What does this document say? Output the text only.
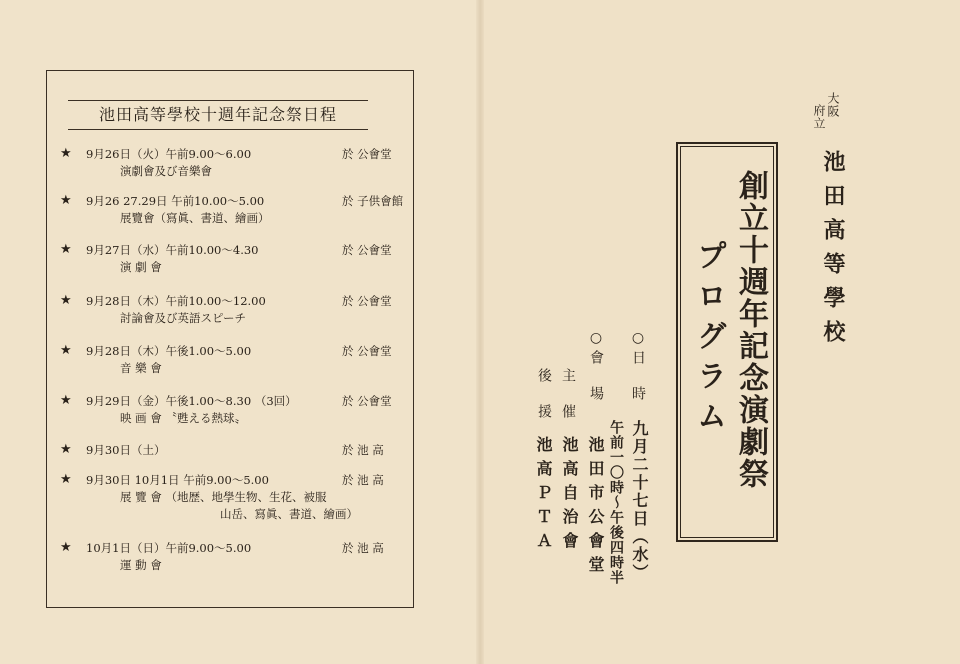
池田高等學校十週年記念祭日程
★ 9月26日（火）午前9.00～6.00	於 公會堂
演劇會及び音樂會
★ 9月26 27.29日 午前10.00～5.00	於 子供會館
展覽會（寫眞、書道、繪画）
★ 9月27日（水）午前10.00～4.30	於 公會堂
演 劇 會
★ 9月28日（木）午前10.00～12.00	於 公會堂
討論會及び英語スピーチ
★ 9月28日（木）午後1.00～5.00	於 公會堂
音 樂 會
★ 9月29日（金）午後1.00～8.30 （3回）	於 公會堂
映 画 會 〝甦える熱球〟
★ 9月30日（土）	於 池 高
★ 9月30日 10月1日 午前9.00～5.00	於 池 高
展 覽 會 （地歴、地學生物、生花、被服
山岳、寫眞、書道、繪画）
★ 10月1日（日）午前9.00～5.00	於 池 高
運 動 會
大阪
府立
池田高等學校
創立十週年記念演劇祭
プログラム
○日　時
九月二十七日（水）
午前一〇時～午後四時半
○會　場
池田市公會堂
主　催
池高自治會
後　援
池高ＰＴＡ
